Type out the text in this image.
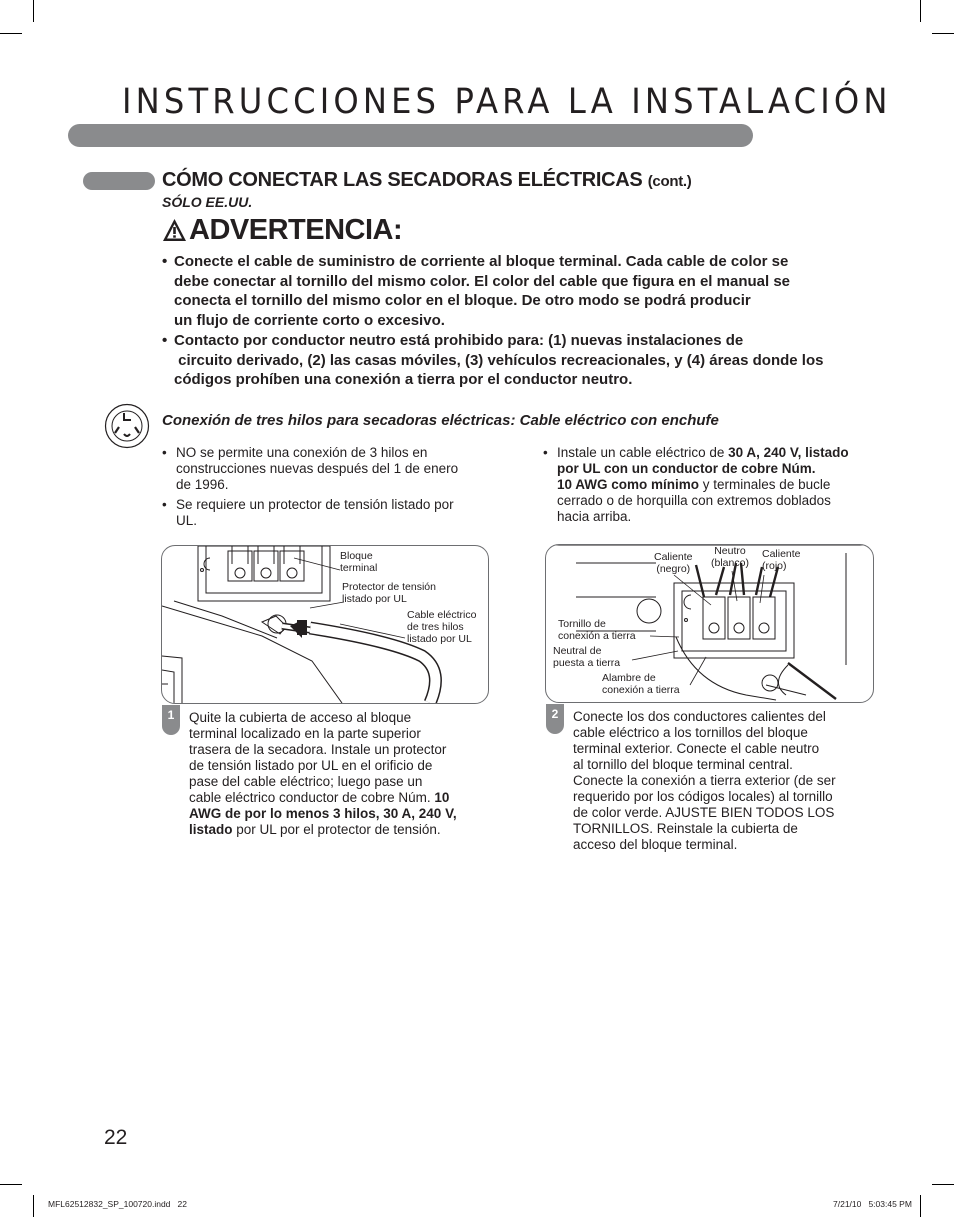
INSTRUCCIONES PARA LA INSTALACIÓN
CÓMO CONECTAR LAS SECADORAS ELÉCTRICAS (cont.)
SÓLO EE.UU.
ADVERTENCIA:
• Conecte el cable de suministro de corriente al bloque terminal. Cada cable de color se
debe conectar al tornillo del mismo color. El color del cable que figura en el manual se
conecta el tornillo del mismo color en el bloque. De otro modo se podrá producir
un flujo de corriente corto o excesivo.
• Contacto por conductor neutro está prohibido para: (1) nuevas instalaciones de
circuito derivado, (2) las casas móviles, (3) vehículos recreacionales, y (4) áreas donde los
códigos prohíben una conexión a tierra por el conductor neutro.
Conexión de tres hilos para secadoras eléctricas: Cable eléctrico con enchufe
• NO se permite una conexión de 3 hilos en
construcciones nuevas después del 1 de enero
de 1996.
• Se requiere un protector de tensión listado por
UL.
• Instale un cable eléctrico de 30 A, 240 V, listado
por UL con un conductor de cobre Núm.
10 AWG como mínimo y terminales de bucle
cerrado o de horquilla con extremos doblados
hacia arriba.
Bloque
terminal
Protector de tensión
listado por UL
Cable eléctrico
de tres hilos
listado por UL
1	Quite la cubierta de acceso al bloque
terminal localizado en la parte superior
trasera de la secadora. Instale un protector
de tensión listado por UL en el orificio de
pase del cable eléctrico; luego pase un
cable eléctrico conductor de cobre Núm. 10
AWG de por lo menos 3 hilos, 30 A, 240 V,
listado por UL por el protector de tensión.
Caliente
(negro)
Neutro
(blanco)
Caliente
(rojo)
Tornillo de
conexión a tierra
Neutral de
puesta a tierra
Alambre de
conexión a tierra
2	Conecte los dos conductores calientes del
cable eléctrico a los tornillos del bloque
terminal exterior. Conecte el cable neutro
al tornillo del bloque terminal central.
Conecte la conexión a tierra exterior (de ser
requerido por los códigos locales) al tornillo
de color verde. AJUSTE BIEN TODOS LOS
TORNILLOS. Reinstale la cubierta de
acceso del bloque terminal.
22
MFL62512832_SP_100720.indd   22	7/21/10   5:03:45 PM
